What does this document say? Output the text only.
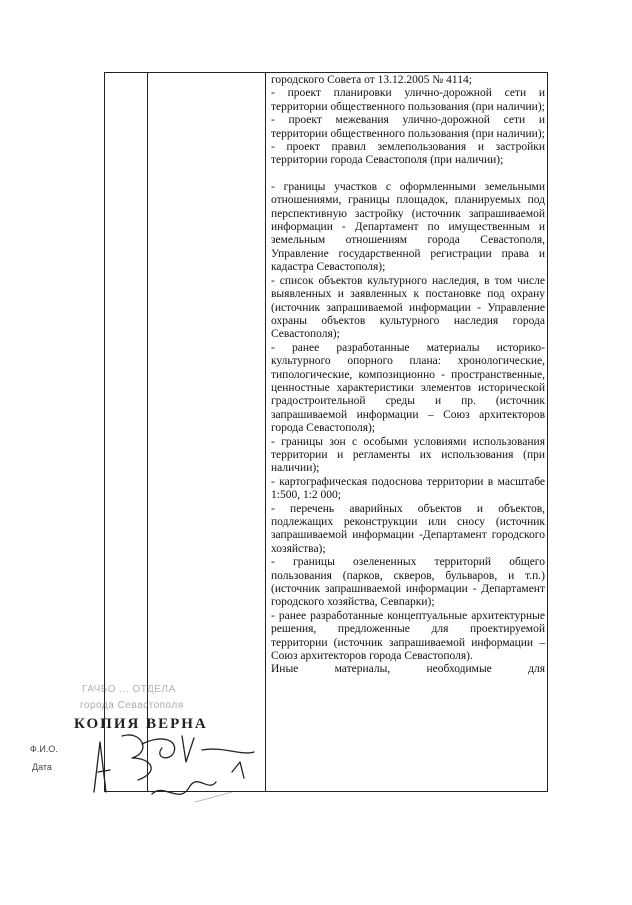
городского Совета от 13.12.2005 № 4114;

- проект планировки улично-дорожной сети и территории общественного пользования (при наличии);

- проект межевания улично-дорожной сети и территории общественного пользования (при наличии);

- проект правил землепользования и застройки территории города Севастополя (при наличии);

- границы участков с оформленными земельными отношениями, границы площадок, планируемых под перспективную застройку (источник запрашиваемой информации - Департамент по имущественным и земельным отношениям города Севастополя, Управление государственной регистрации права и кадастра Севастополя);

- список объектов культурного наследия, в том числе выявленных и заявленных к постановке под охрану (источник запрашиваемой информации - Управление охраны объектов культурного наследия города Севастополя);

- ранее разработанные материалы историко-культурного опорного плана: хронологические, типологические, композиционно - пространственные, ценностные характеристики элементов исторической градостроительной среды и пр. (источник запрашиваемой информации – Союз архитекторов города Севастополя);

- границы зон с особыми условиями использования территории и регламенты их использования (при наличии);

- картографическая подоснова территории в масштабе 1:500, 1:2 000;

- перечень аварийных объектов и объектов, подлежащих реконструкции или сносу (источник запрашиваемой информации -Департамент городского хозяйства);

- границы озелененных территорий общего пользования (парков, скверов, бульваров, и т.п.) (источник запрашиваемой информации - Департамент городского хозяйства, Севпарки);

- ранее разработанные концептуальные архитектурные решения, предложенные для проектируемой территории (источник запрашиваемой информации – Союз архитекторов города Севастополя).

Иные материалы, необходимые для

ГАЧБО ... ОТДЕЛА
города Севастополя
КОПИЯ ВЕРНА
Ф.И.О.
Дата
